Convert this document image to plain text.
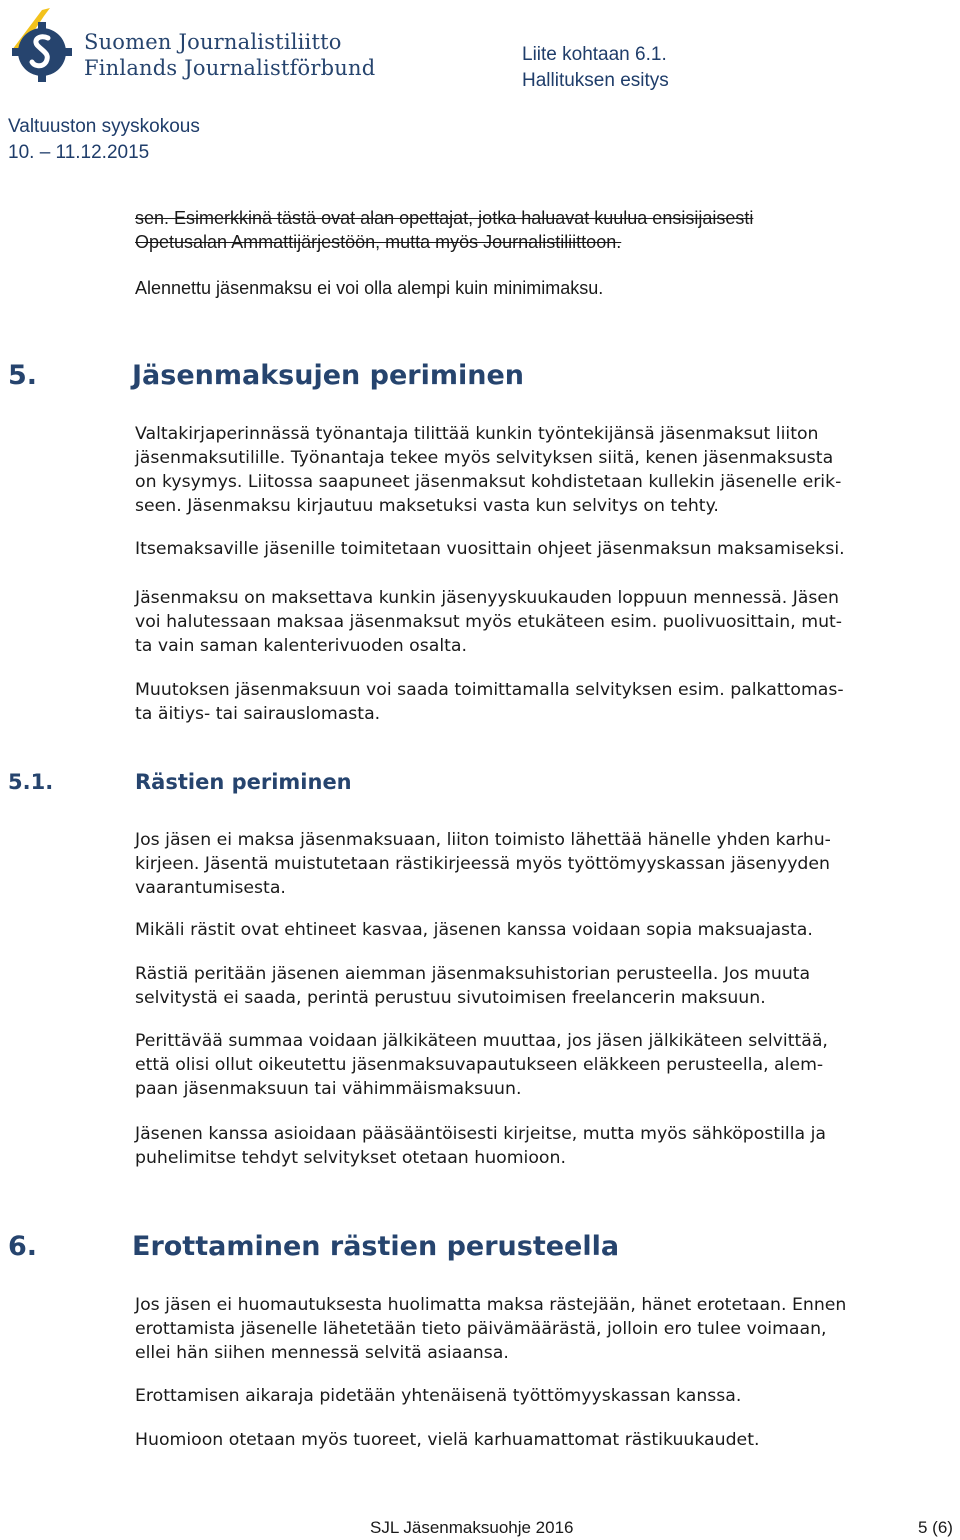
Suomen Journalistiliitto
Finlands Journalistförbund
Liite kohtaan 6.1.
Hallituksen esitys
Valtuuston syyskokous
10. – 11.12.2015
sen. Esimerkkinä tästä ovat alan opettajat, jotka haluavat kuulua ensisijaisesti
Opetusalan Ammattijärjestöön, mutta myös Journalistiliittoon.
Alennettu jäsenmaksu ei voi olla alempi kuin minimimaksu.
5.	Jäsenmaksujen periminen
Valtakirjaperinnässä työnantaja tilittää kunkin työntekijänsä jäsenmaksut liiton
jäsenmaksutilille. Työnantaja tekee myös selvityksen siitä, kenen jäsenmaksusta
on kysymys. Liitossa saapuneet jäsenmaksut kohdistetaan kullekin jäsenelle erik-
seen. Jäsenmaksu kirjautuu maksetuksi vasta kun selvitys on tehty.
Itsemaksaville jäsenille toimitetaan vuosittain ohjeet jäsenmaksun maksamiseksi.
Jäsenmaksu on maksettava kunkin jäsenyyskuukauden loppuun mennessä. Jäsen
voi halutessaan maksaa jäsenmaksut myös etukäteen esim. puolivuosittain, mut-
ta vain saman kalenterivuoden osalta.
Muutoksen jäsenmaksuun voi saada toimittamalla selvityksen esim. palkattomas-
ta äitiys- tai sairauslomasta.
5.1.	Rästien periminen
Jos jäsen ei maksa jäsenmaksuaan, liiton toimisto lähettää hänelle yhden karhu-
kirjeen. Jäsentä muistutetaan rästikirjeessä myös työttömyyskassan jäsenyyden
vaarantumisesta.
Mikäli rästit ovat ehtineet kasvaa, jäsenen kanssa voidaan sopia maksuajasta.
Rästiä peritään jäsenen aiemman jäsenmaksuhistorian perusteella. Jos muuta
selvitystä ei saada, perintä perustuu sivutoimisen freelancerin maksuun.
Perittävää summaa voidaan jälkikäteen muuttaa, jos jäsen jälkikäteen selvittää,
että olisi ollut oikeutettu jäsenmaksuvapautukseen eläkkeen perusteella, alem-
paan jäsenmaksuun tai vähimmäismaksuun.
Jäsenen kanssa asioidaan pääsääntöisesti kirjeitse, mutta myös sähköpostilla ja
puhelimitse tehdyt selvitykset otetaan huomioon.
6.	Erottaminen rästien perusteella
Jos jäsen ei huomautuksesta huolimatta maksa rästejään, hänet erotetaan. Ennen
erottamista jäsenelle lähetetään tieto päivämäärästä, jolloin ero tulee voimaan,
ellei hän siihen mennessä selvitä asiaansa.
Erottamisen aikaraja pidetään yhtenäisenä työttömyyskassan kanssa.
Huomioon otetaan myös tuoreet, vielä karhuamattomat rästikuukaudet.
SJL Jäsenmaksuohje 2016	5 (6)
